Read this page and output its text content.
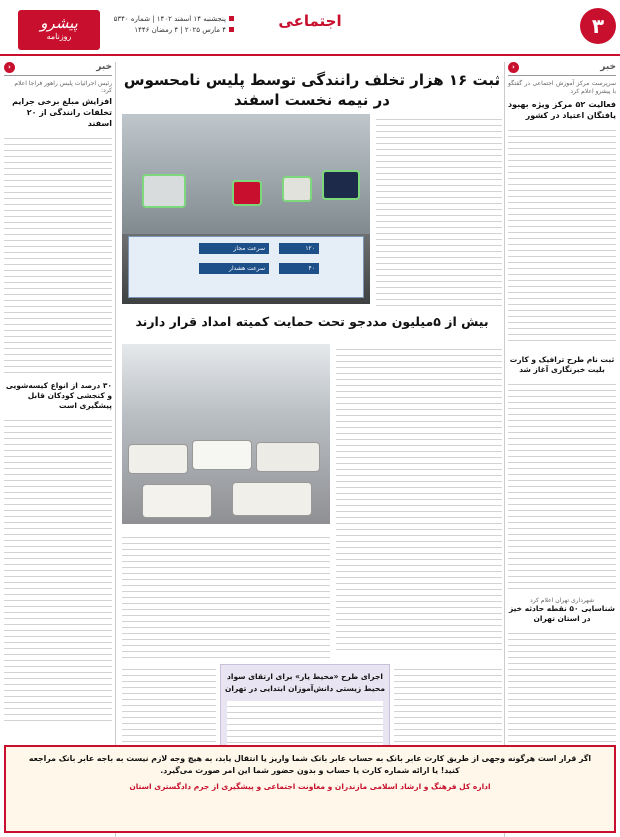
۳
اجتماعی
پنجشنبه ۱۴ اسفند ۱۴۰۲ | شماره ۵۳۴۰
۴ مارس ۲۰۲۵ | ۴ رمضان ۱۴۴۶
پیشرو
روزنامه
خبر
‹
سرپرست مرکز آموزش اجتماعی در گفتگو با پیشرو اعلام کرد
فعالیت ۵۲ مرکز ویژه بهبود یافتگان اعتیاد در کشور
ثبت نام طرح ترافیک و کارت بلیت خبرنگاری آغاز شد
شهرداری تهران اعلام کرد
شناسایی ۵۰ نقطه حادثه خیز در استان تهران
ثبت ۱۶ هزار تخلف رانندگی توسط پلیس نامحسوس در نیمه نخست اسفند
سرعت مجاز	۱۲۰
سرعت هشدار	۴۰
بیش از ۵میلیون مددجو تحت حمایت کمیته امداد قرار دارند
اجرای طرح «محیط یار» برای ارتقای سواد محیط زیستی دانش‌آموزان ابتدایی در تهران
خبر
‹
رئیس اجرائیات پلیس راهور فراجا اعلام کرد:
افزایش مبلغ برخی جرایم تخلفات رانندگی از ۲۰ اسفند
۳۰ درصد از انواع کیسه‌شویی و کنجشی کودکان قابل پیشگیری است
اگر قرار است هرگونه وجهی از طریق کارت عابر بانک به حساب عابر بانک شما واریز یا انتقال یابد، به هیچ وجه لازم نیست به باجه عابر بانک مراجعه کنید! یا ارائه شماره کارت یا حساب و بدون حضور شما این امر صورت می‌گیرد.
اداره کل فرهنگ و ارشاد اسلامی مازندران و معاونت اجتماعی و پیشگیری از جرم دادگستری استان
